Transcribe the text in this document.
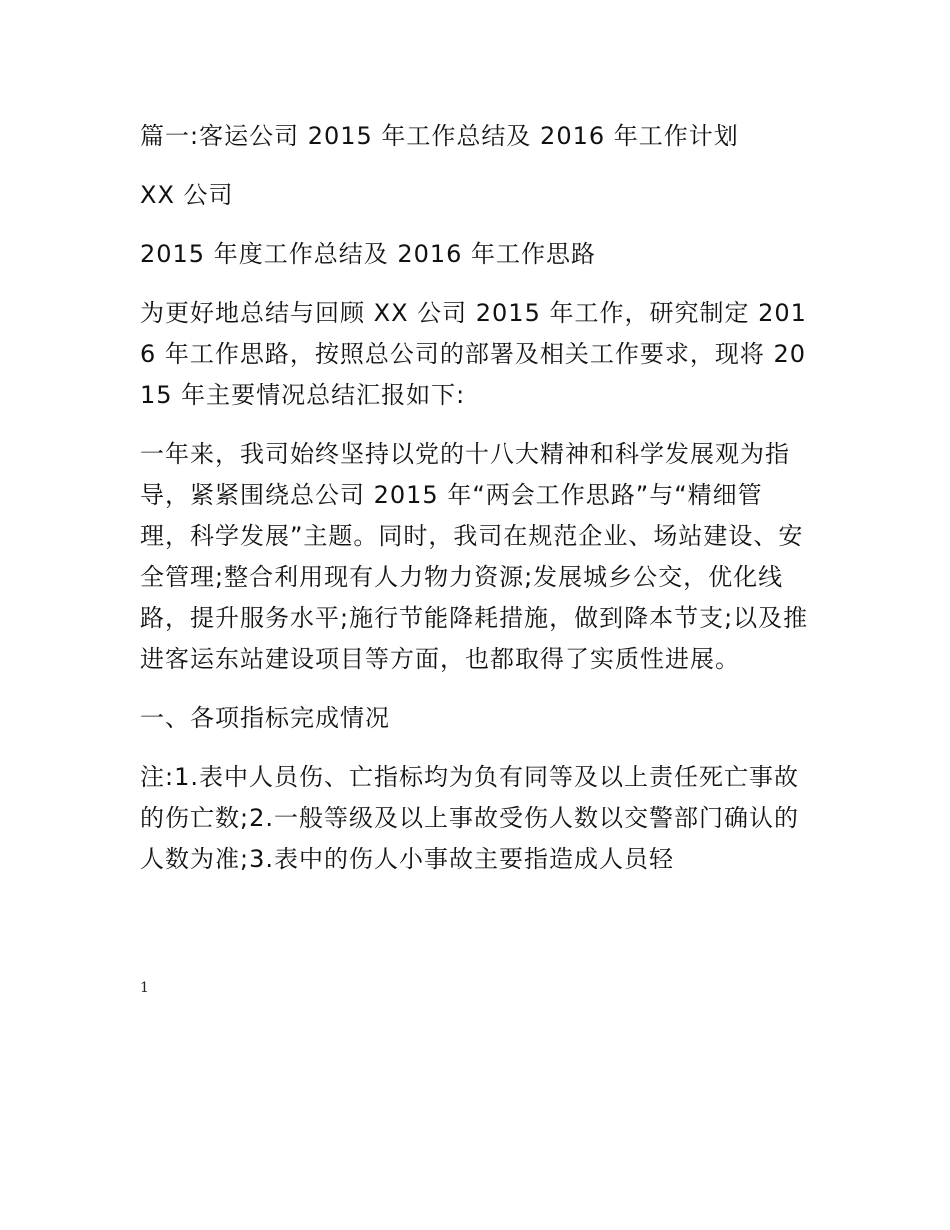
篇一:客运公司 2015 年工作总结及 2016 年工作计划

XX 公司

2015 年度工作总结及 2016 年工作思路

为更好地总结与回顾 XX 公司 2015 年工作，研究制定 2016 年工作思路，按照总公司的部署及相关工作要求，现将 2015 年主要情况总结汇报如下:

一年来，我司始终坚持以党的十八大精神和科学发展观为指导，紧紧围绕总公司 2015 年“两会工作思路”与“精细管理，科学发展”主题。同时，我司在规范企业、场站建设、安全管理;整合利用现有人力物力资源;发展城乡公交，优化线路，提升服务水平;施行节能降耗措施，做到降本节支;以及推进客运东站建设项目等方面，也都取得了实质性进展。

一、各项指标完成情况

注:1.表中人员伤、亡指标均为负有同等及以上责任死亡事故的伤亡数;2.一般等级及以上事故受伤人数以交警部门确认的人数为准;3.表中的伤人小事故主要指造成人员轻

1
